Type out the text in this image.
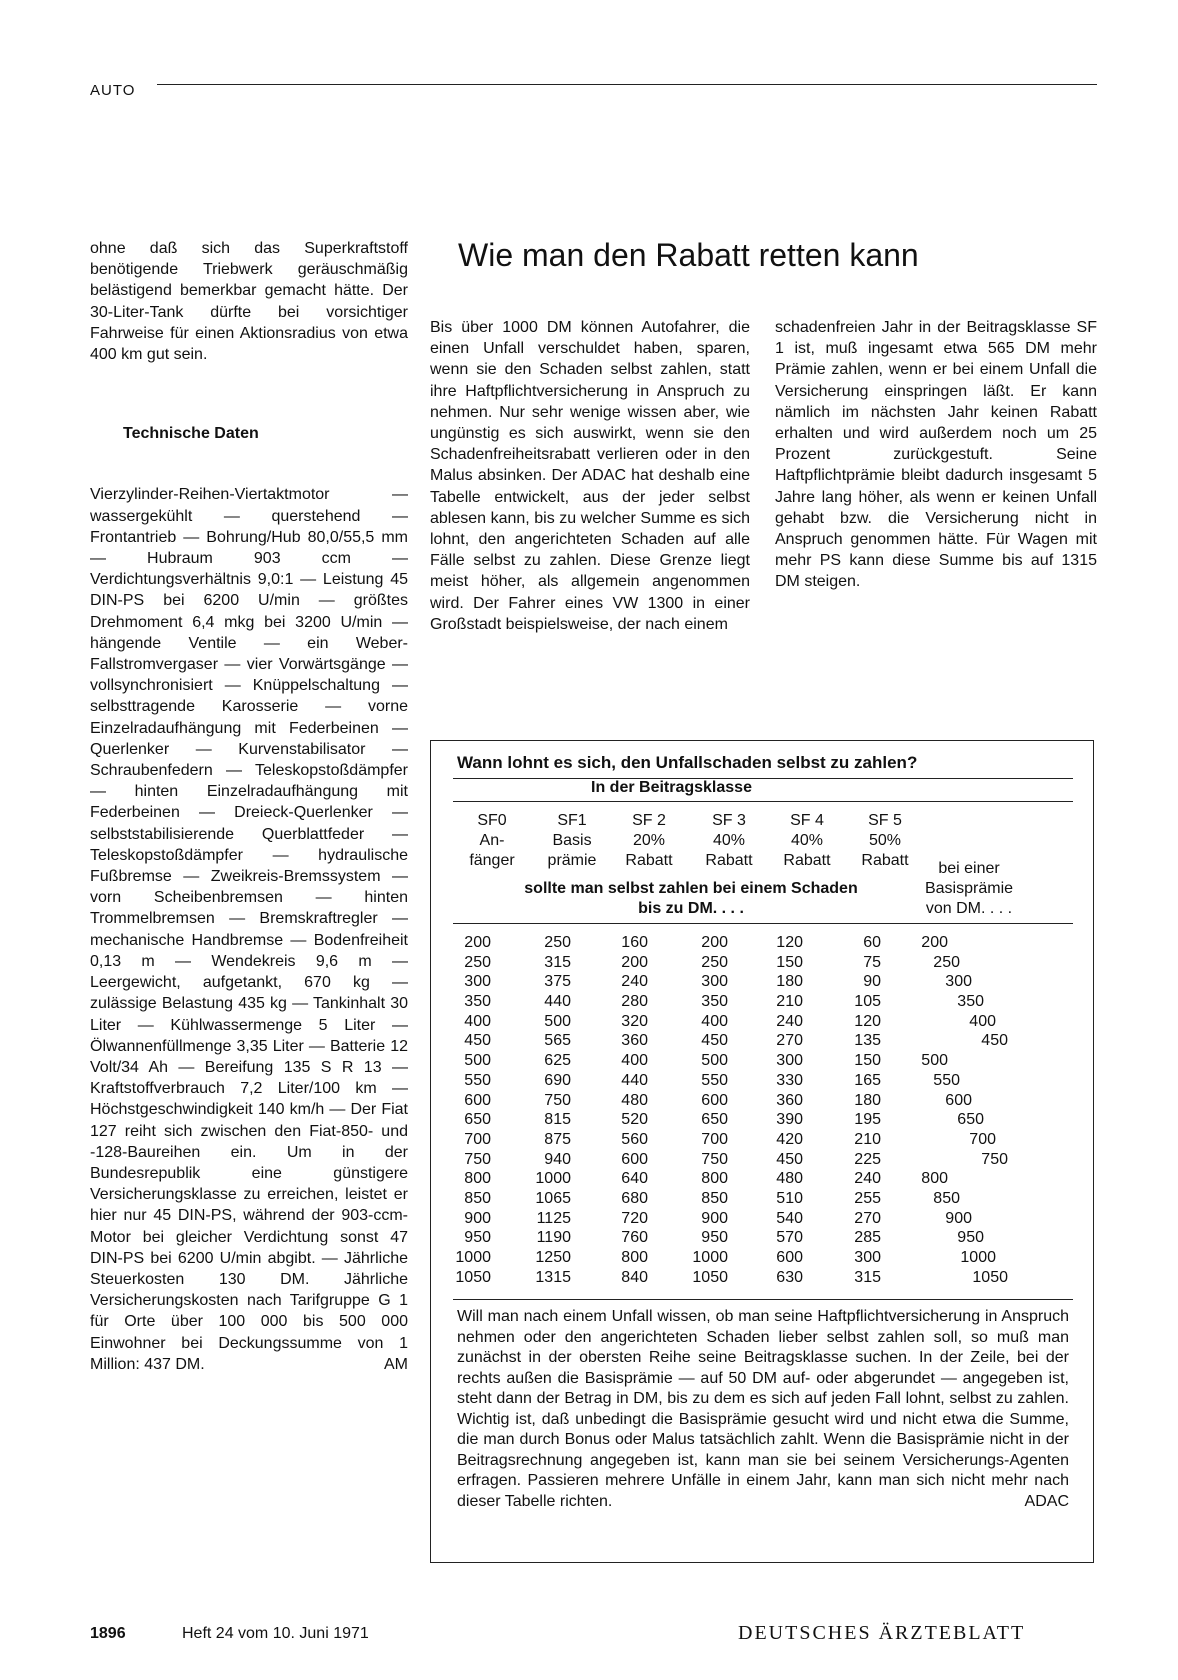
AUTO

ohne daß sich das Superkraftstoff benötigende Triebwerk geräuschmäßig belästigend bemerkbar gemacht hätte. Der 30-Liter-Tank dürfte bei vorsichtiger Fahrweise für einen Aktionsradius von etwa 400 km gut sein.

Technische Daten

Vierzylinder-Reihen-Viertaktmotor — wassergekühlt — querstehend — Frontantrieb — Bohrung/Hub 80,0/55,5 mm — Hubraum 903 ccm — Verdichtungsverhältnis 9,0:1 — Leistung 45 DIN-PS bei 6200 U/min — größtes Drehmoment 6,4 mkg bei 3200 U/min — hängende Ventile — ein Weber-Fallstromvergaser — vier Vorwärtsgänge — vollsynchronisiert — Knüppelschaltung — selbsttragende Karosserie — vorne Einzelradaufhängung mit Federbeinen — Querlenker — Kurvenstabilisator — Schraubenfedern — Teleskopstoßdämpfer — hinten Einzelradaufhängung mit Federbeinen — Dreieck-Querlenker — selbststabilisierende Querblattfeder — Teleskopstoßdämpfer — hydraulische Fußbremse — Zweikreis-Bremssystem — vorn Scheibenbremsen — hinten Trommelbremsen — Bremskraftregler — mechanische Handbremse — Bodenfreiheit 0,13 m — Wendekreis 9,6 m — Leergewicht, aufgetankt, 670 kg — zulässige Belastung 435 kg — Tankinhalt 30 Liter — Kühlwassermenge 5 Liter — Ölwannenfüllmenge 3,35 Liter — Batterie 12 Volt/34 Ah — Bereifung 135 S R 13 — Kraftstoffverbrauch 7,2 Liter/100 km — Höchstgeschwindigkeit 140 km/h — Der Fiat 127 reiht sich zwischen den Fiat-850- und -128-Baureihen ein. Um in der Bundesrepublik eine günstigere Versicherungsklasse zu erreichen, leistet er hier nur 45 DIN-PS, während der 903-ccm-Motor bei gleicher Verdichtung sonst 47 DIN-PS bei 6200 U/min abgibt. — Jährliche Steuerkosten 130 DM. Jährliche Versicherungskosten nach Tarifgruppe G 1 für Orte über 100 000 bis 500 000 Einwohner bei Deckungssumme von 1 Million: 437 DM.	AM

Wie man den Rabatt retten kann

Bis über 1000 DM können Autofahrer, die einen Unfall verschuldet haben, sparen, wenn sie den Schaden selbst zahlen, statt ihre Haftpflichtversicherung in Anspruch zu nehmen. Nur sehr wenige wissen aber, wie ungünstig es sich auswirkt, wenn sie den Schadenfreiheitsrabatt verlieren oder in den Malus absinken. Der ADAC hat deshalb eine Tabelle entwickelt, aus der jeder selbst ablesen kann, bis zu welcher Summe es sich lohnt, den angerichteten Schaden auf alle Fälle selbst zu zahlen. Diese Grenze liegt meist höher, als allgemein angenommen wird. Der Fahrer eines VW 1300 in einer Großstadt beispielsweise, der nach einem

schadenfreien Jahr in der Beitragsklasse SF 1 ist, muß ingesamt etwa 565 DM mehr Prämie zahlen, wenn er bei einem Unfall die Versicherung einspringen läßt. Er kann nämlich im nächsten Jahr keinen Rabatt erhalten und wird außerdem noch um 25 Prozent zurückgestuft. Seine Haftpflichtprämie bleibt dadurch insgesamt 5 Jahre lang höher, als wenn er keinen Unfall gehabt bzw. die Versicherung nicht in Anspruch genommen hätte. Für Wagen mit mehr PS kann diese Summe bis auf 1315 DM steigen.

Wann lohnt es sich, den Unfallschaden selbst zu zahlen?
In der Beitragsklasse
SF0
An-
fänger
SF1
Basis
prämie
SF 2
20%
Rabatt
SF 3
40%
Rabatt
SF 4
40%
Rabatt
SF 5
50%
Rabatt
sollte man selbst zahlen bei einem Schaden
bis zu DM. . . .
bei einer
Basisprämie
von DM. . . .
200	250	160	200	120	60	200
250	315	200	250	150	75	250
300	375	240	300	180	90	300
350	440	280	350	210	105	350
400	500	320	400	240	120	400
450	565	360	450	270	135	450
500	625	400	500	300	150	500
550	690	440	550	330	165	550
600	750	480	600	360	180	600
650	815	520	650	390	195	650
700	875	560	700	420	210	700
750	940	600	750	450	225	750
800	1000	640	800	480	240	800
850	1065	680	850	510	255	850
900	1125	720	900	540	270	900
950	1190	760	950	570	285	950
1000	1250	800	1000	600	300	1000
1050	1315	840	1050	630	315	1050
Will man nach einem Unfall wissen, ob man seine Haftpflichtversicherung in Anspruch nehmen oder den angerichteten Schaden lieber selbst zahlen soll, so muß man zunächst in der obersten Reihe seine Beitragsklasse suchen. In der Zeile, bei der rechts außen die Basisprämie — auf 50 DM auf- oder abgerundet — angegeben ist, steht dann der Betrag in DM, bis zu dem es sich auf jeden Fall lohnt, selbst zu zahlen. Wichtig ist, daß unbedingt die Basisprämie gesucht wird und nicht etwa die Summe, die man durch Bonus oder Malus tatsächlich zahlt. Wenn die Basisprämie nicht in der Beitragsrechnung angegeben ist, kann man sie bei seinem Versicherungs-Agenten erfragen. Passieren mehrere Unfälle in einem Jahr, kann man sich nicht mehr nach dieser Tabelle richten.	ADAC
1896	Heft 24 vom 10. Juni 1971	DEUTSCHES ÄRZTEBLATT
